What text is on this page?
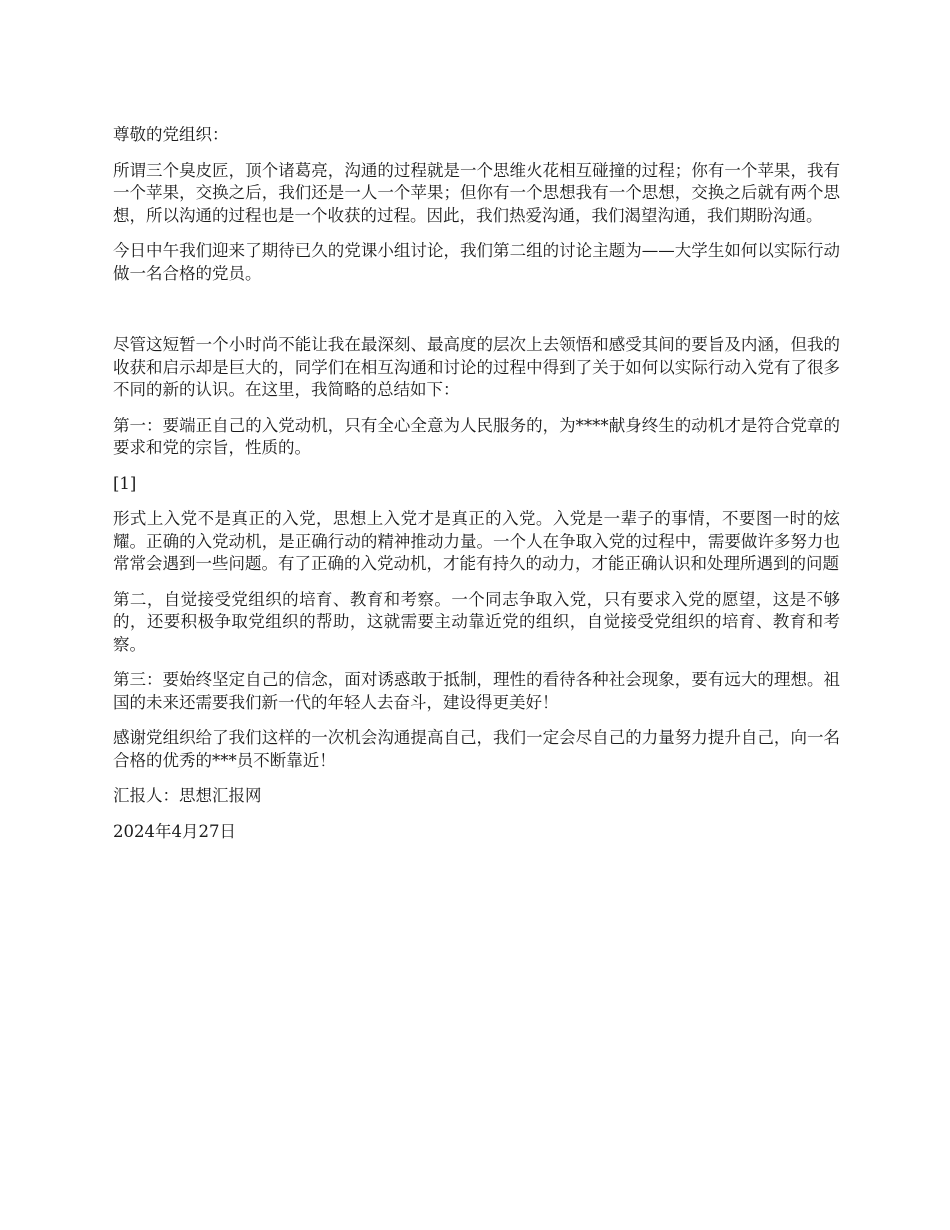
尊敬的党组织：

所谓三个臭皮匠，顶个诸葛亮，沟通的过程就是一个思维火花相互碰撞的过程；你有一个苹果，我有一个苹果，交换之后，我们还是一人一个苹果；但你有一个思想我有一个思想，交换之后就有两个思想，所以沟通的过程也是一个收获的过程。因此，我们热爱沟通，我们渴望沟通，我们期盼沟通。

今日中午我们迎来了期待已久的党课小组讨论，我们第二组的讨论主题为——大学生如何以实际行动做一名合格的党员。

尽管这短暂一个小时尚不能让我在最深刻、最高度的层次上去领悟和感受其间的要旨及内涵，但我的收获和启示却是巨大的，同学们在相互沟通和讨论的过程中得到了关于如何以实际行动入党有了很多不同的新的认识。在这里，我简略的总结如下：

第一：要端正自己的入党动机，只有全心全意为人民服务的，为****献身终生的动机才是符合党章的要求和党的宗旨，性质的。

[1]

形式上入党不是真正的入党，思想上入党才是真正的入党。入党是一辈子的事情，不要图一时的炫耀。正确的入党动机，是正确行动的精神推动力量。一个人在争取入党的过程中，需要做许多努力也常常会遇到一些问题。有了正确的入党动机，才能有持久的动力，才能正确认识和处理所遇到的问题

第二，自觉接受党组织的培育、教育和考察。一个同志争取入党，只有要求入党的愿望，这是不够的，还要积极争取党组织的帮助，这就需要主动靠近党的组织，自觉接受党组织的培育、教育和考察。

第三：要始终坚定自己的信念，面对诱惑敢于抵制，理性的看待各种社会现象，要有远大的理想。祖国的未来还需要我们新一代的年轻人去奋斗，建设得更美好！

感谢党组织给了我们这样的一次机会沟通提高自己，我们一定会尽自己的力量努力提升自己，向一名合格的优秀的***员不断靠近！

汇报人：思想汇报网

2024年4月27日
